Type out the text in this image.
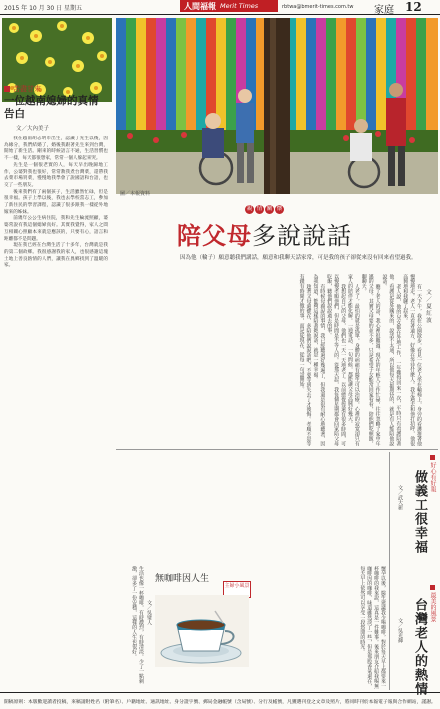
2015 年 10 月 30 日 星期五	人間福報 Merit Times	rbtwa@bmerit-times.com.tw 家庭 12
苦盡甘來
一位越南媳婦的真情告白
文／大內美子

我在越南胡志明市出生，認識了先生以後，因為緣分，我們結婚了，婚後我跟著先生來到台灣，開始了新生活。剛來的時候語言不通，生活習慣也不一樣，每天都很想家，常常一個人躲起來哭。

先生是一個很老實的人，每天早出晚歸地工作，公婆對我也很好，常常教我煮台灣菜，還帶我去菜市場買菜，慢慢地我學會了說國語和台語，也交了一些朋友。

後來我們有了兩個孩子，生活雖然忙碌，但是很幸福。孩子上學以後，我也去學校當志工，參加了新住民的學習課程，認識了很多跟我一樣從外地嫁來的姊妹。

前幾年公公生病住院，我和先生輪流照顧，婆婆常說有我這個媳婦真好。其實我覺得，家人之間互相關心照顧本來就是應該的，只要有心，語言和距離都不是問題。

現在我已經在台灣生活了十多年，台灣就是我的第二個故鄉。我很感謝我的家人，也很感謝這塊土地上善良熱情的人們，讓我在異鄉找到了溫暖的家。

圖／本報資料
親 情 關 懷
陪父母多說說話
因為他（輪子）願意聽我們講話，願意和我聊天話家常，可是我的孩子卻從來沒有回來看望過我。
文／夏紅波

有一天下午，我在公園散步，看見一位老人坐在輪椅上，身旁的看護推著他慢慢地走。老人一直看著遠方，好像在等待什麼人。我走過去和他打招呼，他很高興地和我聊了起來。

老人說，他的兒女都在外地工作，一年難得回來一次，平時只有看護陪著他。看護是從外國來的，說話不太通，所以他每天最期待的，就是有人能陪他說說話。

聽了老人的話，我心裡很難過。現在的年輕人工作忙碌，往往忽略了家中年邁的父母。其實父母要的並不多，只是希望子女能常回家看看，陪他們吃頓飯，聊聊天。

人老了，最怕的就是孤單。身體的病痛有醫生可以治療，心裡的寂寞卻只有家人的陪伴才能化解。一通電話、一句問候，都能讓父母高興好幾天。

我想起自己的父母，他們也一天一天地老了。以前總覺得還有很多時間，可以慢慢孝順他們，但是時間是不等人的。從那天起，我每個星期都會回家陪父母吃飯，聽他們說說過去的事。

有時候母親說的事情，我已經聽過好幾遍了，但我還是很有耐心地聽著，因為我知道，能夠這樣陪著她說話，就是一種幸福。

趁著父母還健在，多陪他們說說話吧，不要等到失去了才後悔。孝順不是等有錢有時間才做的事，而是從現在、從每一句話開始。

好心有好報
做義工很幸福
文／武大新
最美的風景
台灣老人的熱情
文／吳光輝

生活也像一杯咖啡，有時濃烈，有時清淡。少了一點刺激，卻多了一份安穩，這樣的人生也很好。	文／吳璧人
無咖啡因人生
主婦小風景	懷孕以後，醫生建議我少喝咖啡，對於每天早上都要來一杯咖啡的我來說，這真是一件難事。後來朋友介紹我喝無咖啡因的咖啡，味道雖然淡了一些，但是那股香氣還在，每天早上依然可以享受一段悠閒的時光。

開稿原則：本版歡迎讀者投稿，來稿請附姓名（附筆名）、戶籍地址、通訊地址、身分證字號、郵局金融帳號（含局號）、分行及帳號，凡獲選刊登之文章及照片，將同時刊於本報電子報與合作網站，謹謝。
